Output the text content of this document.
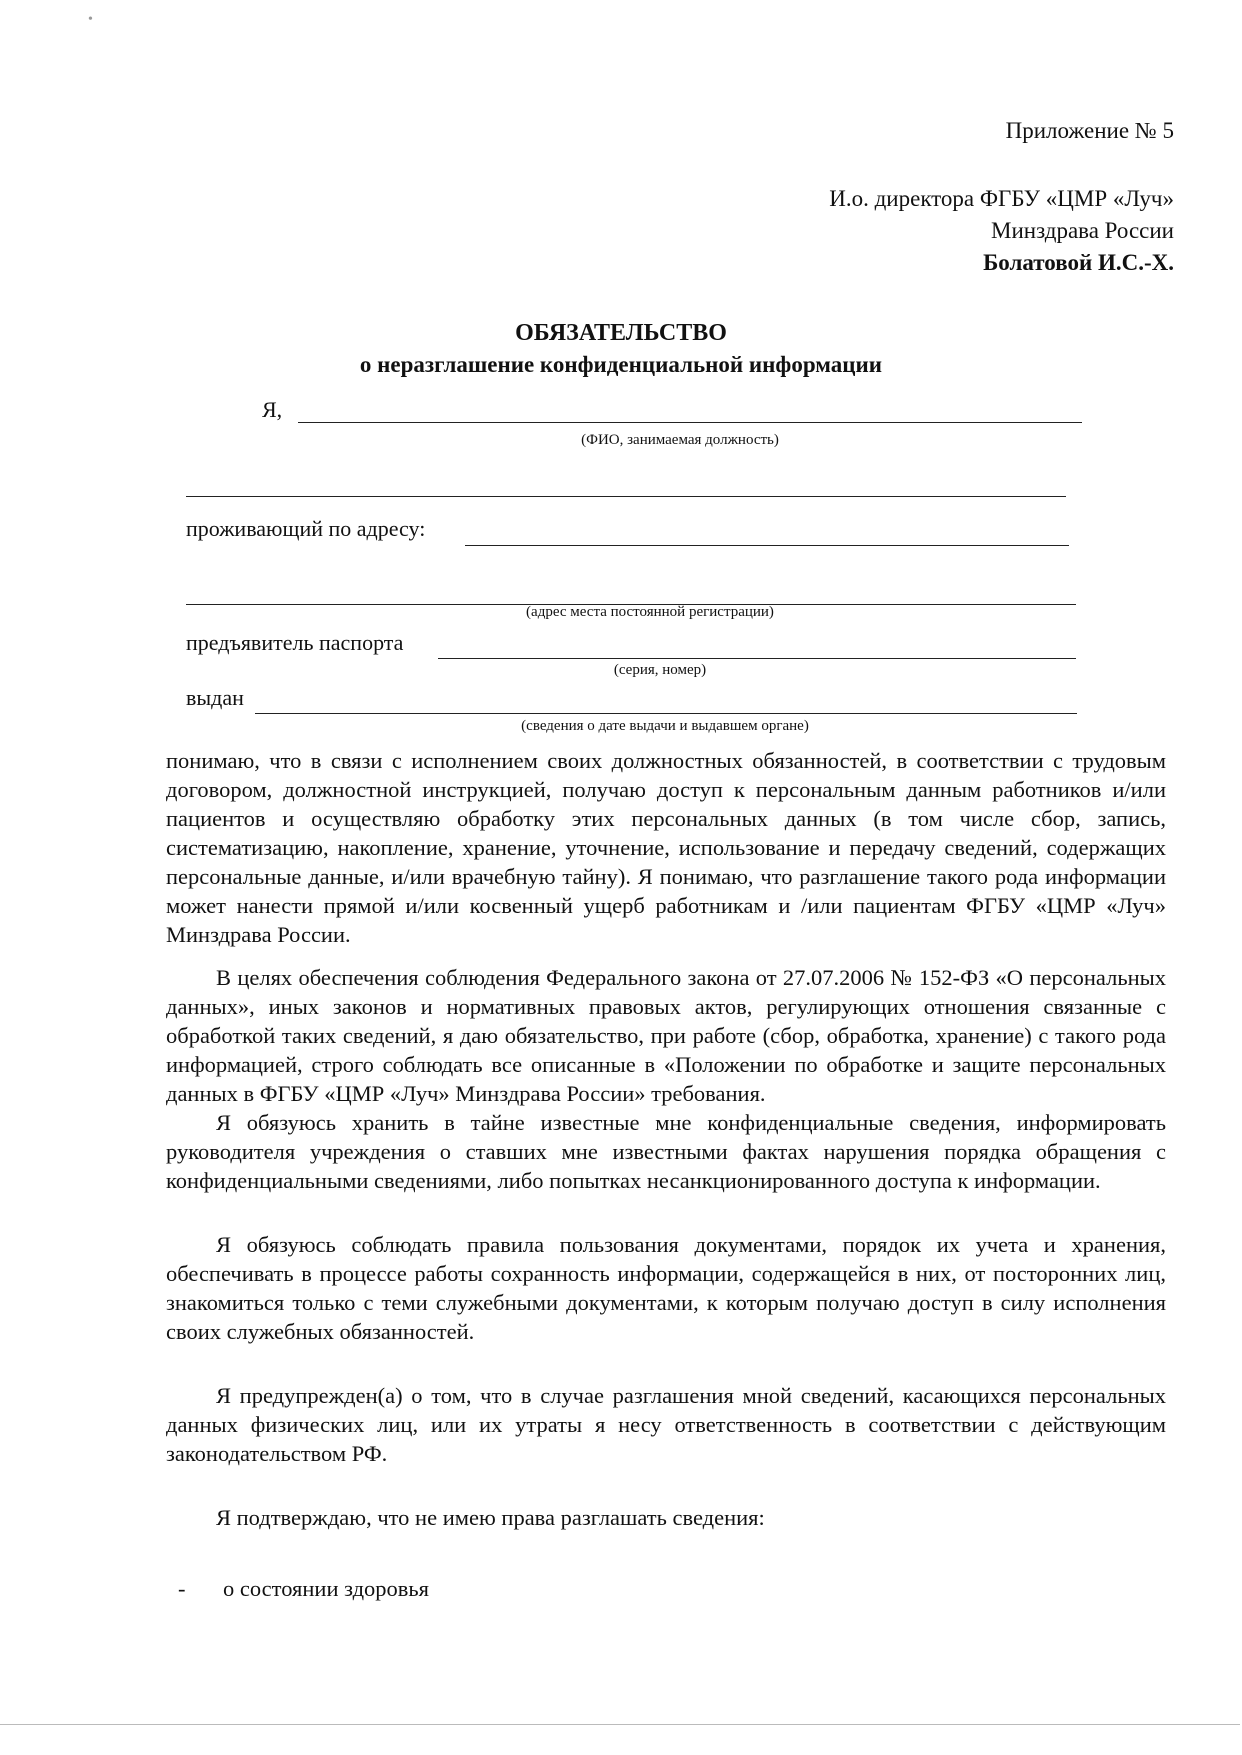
•
Приложение № 5
И.о. директора ФГБУ «ЦМР «Луч»
Минздрава России
Болатовой И.С.-Х.
ОБЯЗАТЕЛЬСТВО
о неразглашение конфиденциальной информации
Я,
(ФИО, занимаемая должность)
проживающий по адресу:
(адрес места постоянной регистрации)
предъявитель паспорта
(серия, номер)
выдан
(сведения о дате выдачи и выдавшем органе)

понимаю, что в связи с исполнением своих должностных обязанностей, в соответствии с трудовым договором, должностной инструкцией, получаю доступ к персональным данным работников и/или пациентов и осуществляю обработку этих персональных данных (в том числе сбор, запись, систематизацию, накопление, хранение, уточнение, использование и передачу сведений, содержащих персональные данные, и/или врачебную тайну). Я понимаю, что разглашение такого рода информации может нанести прямой и/или косвенный ущерб работникам и /или пациентам ФГБУ «ЦМР «Луч» Минздрава России.

В целях обеспечения соблюдения Федерального закона от 27.07.2006 № 152-ФЗ «О персональных данных», иных законов и нормативных правовых актов, регулирующих отношения связанные с обработкой таких сведений, я даю обязательство, при работе (сбор, обработка, хранение) с такого рода информацией, строго соблюдать все описанные в «Положении по обработке и защите персональных данных в ФГБУ «ЦМР «Луч» Минздрава России» требования.

Я обязуюсь хранить в тайне известные мне конфиденциальные сведения, информировать руководителя учреждения о ставших мне известными фактах нарушения порядка обращения с конфиденциальными сведениями, либо попытках несанкционированного доступа к информации.

Я обязуюсь соблюдать правила пользования документами, порядок их учета и хранения, обеспечивать в процессе работы сохранность информации, содержащейся в них, от посторонних лиц, знакомиться только с теми служебными документами, к которым получаю доступ в силу исполнения своих служебных обязанностей.

Я предупрежден(а) о том, что в случае разглашения мной сведений, касающихся персональных данных физических лиц, или их утраты я несу ответственность в соответствии с действующим законодательством РФ.

Я подтверждаю, что не имею права разглашать сведения:

- о состоянии здоровья
